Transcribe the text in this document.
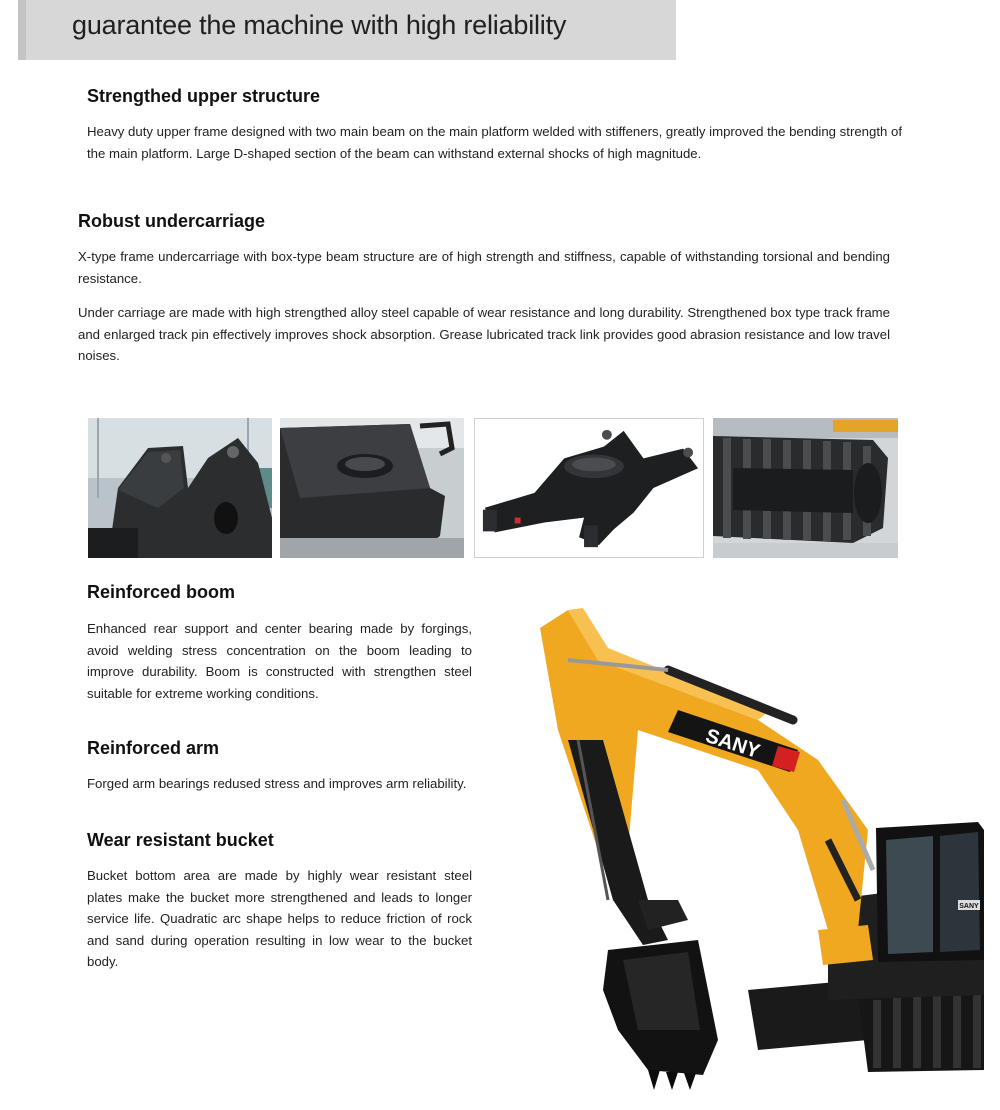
guarantee the machine with high reliability
Strengthed upper structure

Heavy duty upper frame designed with two main beam on the main platform welded with stiffeners, greatly improved the bending strength of the main platform. Large D-shaped section of the beam can withstand external shocks of high magnitude.

Robust undercarriage

X-type frame undercarriage with box-type beam structure are of high strength and stiffness, capable of withstanding torsional and bending resistance.

Under carriage are made with high strengthed alloy steel capable of wear resistance and long durability. Strengthened box type track frame and enlarged track pin effectively improves shock absorption. Grease lubricated track link provides good abrasion resistance and low travel noises.

Reinforced boom

Enhanced rear support and center bearing made by forgings, avoid welding stress concentration on the boom leading to improve durability. Boom is constructed with strengthen steel suitable for extreme working conditions.

Reinforced arm

Forged arm bearings redused stress and improves arm reliability.

Wear resistant bucket

Bucket bottom area are made by highly wear resistant steel plates make the bucket more strengthened and leads to longer service life. Quadratic arc shape helps to reduce friction of rock and sand during operation resulting in low wear to the bucket body.

SANY
SANY
